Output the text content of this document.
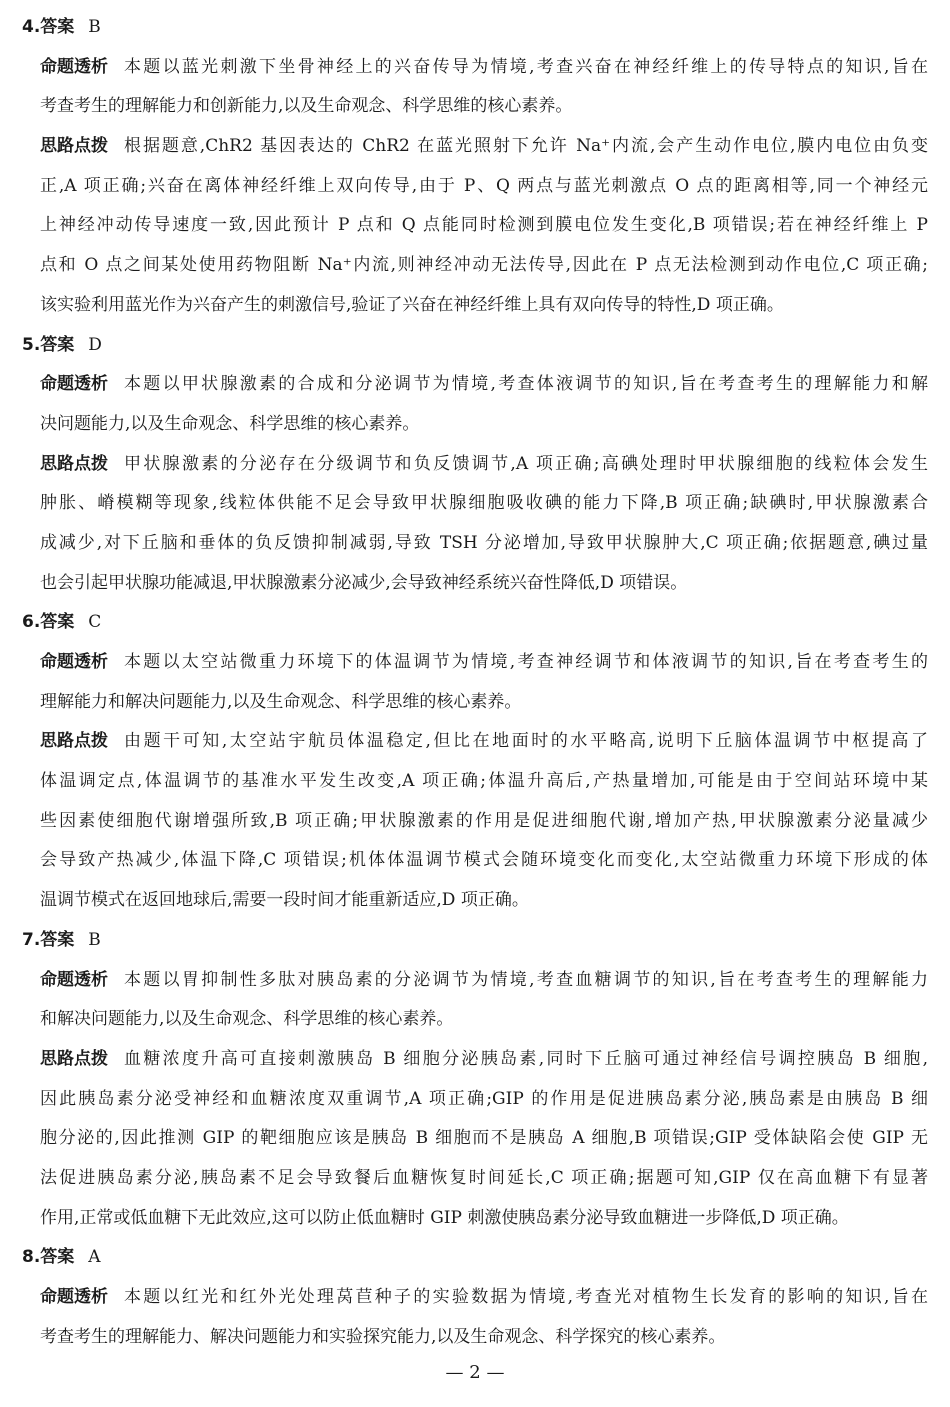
4.答案 B
命题透析 本题以蓝光刺激下坐骨神经上的兴奋传导为情境,考查兴奋在神经纤维上的传导特点的知识,旨在
考查考生的理解能力和创新能力,以及生命观念、科学思维的核心素养。
思路点拨 根据题意,ChR2 基因表达的 ChR2 在蓝光照射下允许 Na⁺内流,会产生动作电位,膜内电位由负变
正,A 项正确;兴奋在离体神经纤维上双向传导,由于 P、Q 两点与蓝光刺激点 O 点的距离相等,同一个神经元
上神经冲动传导速度一致,因此预计 P 点和 Q 点能同时检测到膜电位发生变化,B 项错误;若在神经纤维上 P
点和 O 点之间某处使用药物阻断 Na⁺内流,则神经冲动无法传导,因此在 P 点无法检测到动作电位,C 项正确;
该实验利用蓝光作为兴奋产生的刺激信号,验证了兴奋在神经纤维上具有双向传导的特性,D 项正确。
5.答案 D
命题透析 本题以甲状腺激素的合成和分泌调节为情境,考查体液调节的知识,旨在考查考生的理解能力和解
决问题能力,以及生命观念、科学思维的核心素养。
思路点拨 甲状腺激素的分泌存在分级调节和负反馈调节,A 项正确;高碘处理时甲状腺细胞的线粒体会发生
肿胀、嵴模糊等现象,线粒体供能不足会导致甲状腺细胞吸收碘的能力下降,B 项正确;缺碘时,甲状腺激素合
成减少,对下丘脑和垂体的负反馈抑制减弱,导致 TSH 分泌增加,导致甲状腺肿大,C 项正确;依据题意,碘过量
也会引起甲状腺功能减退,甲状腺激素分泌减少,会导致神经系统兴奋性降低,D 项错误。
6.答案 C
命题透析 本题以太空站微重力环境下的体温调节为情境,考查神经调节和体液调节的知识,旨在考查考生的
理解能力和解决问题能力,以及生命观念、科学思维的核心素养。
思路点拨 由题干可知,太空站宇航员体温稳定,但比在地面时的水平略高,说明下丘脑体温调节中枢提高了
体温调定点,体温调节的基准水平发生改变,A 项正确;体温升高后,产热量增加,可能是由于空间站环境中某
些因素使细胞代谢增强所致,B 项正确;甲状腺激素的作用是促进细胞代谢,增加产热,甲状腺激素分泌量减少
会导致产热减少,体温下降,C 项错误;机体体温调节模式会随环境变化而变化,太空站微重力环境下形成的体
温调节模式在返回地球后,需要一段时间才能重新适应,D 项正确。
7.答案 B
命题透析 本题以胃抑制性多肽对胰岛素的分泌调节为情境,考查血糖调节的知识,旨在考查考生的理解能力
和解决问题能力,以及生命观念、科学思维的核心素养。
思路点拨 血糖浓度升高可直接刺激胰岛 B 细胞分泌胰岛素,同时下丘脑可通过神经信号调控胰岛 B 细胞,
因此胰岛素分泌受神经和血糖浓度双重调节,A 项正确;GIP 的作用是促进胰岛素分泌,胰岛素是由胰岛 B 细
胞分泌的,因此推测 GIP 的靶细胞应该是胰岛 B 细胞而不是胰岛 A 细胞,B 项错误;GIP 受体缺陷会使 GIP 无
法促进胰岛素分泌,胰岛素不足会导致餐后血糖恢复时间延长,C 项正确;据题可知,GIP 仅在高血糖下有显著
作用,正常或低血糖下无此效应,这可以防止低血糖时 GIP 刺激使胰岛素分泌导致血糖进一步降低,D 项正确。
8.答案 A
命题透析 本题以红光和红外光处理莴苣种子的实验数据为情境,考查光对植物生长发育的影响的知识,旨在
考查考生的理解能力、解决问题能力和实验探究能力,以及生命观念、科学探究的核心素养。
— 2 —
